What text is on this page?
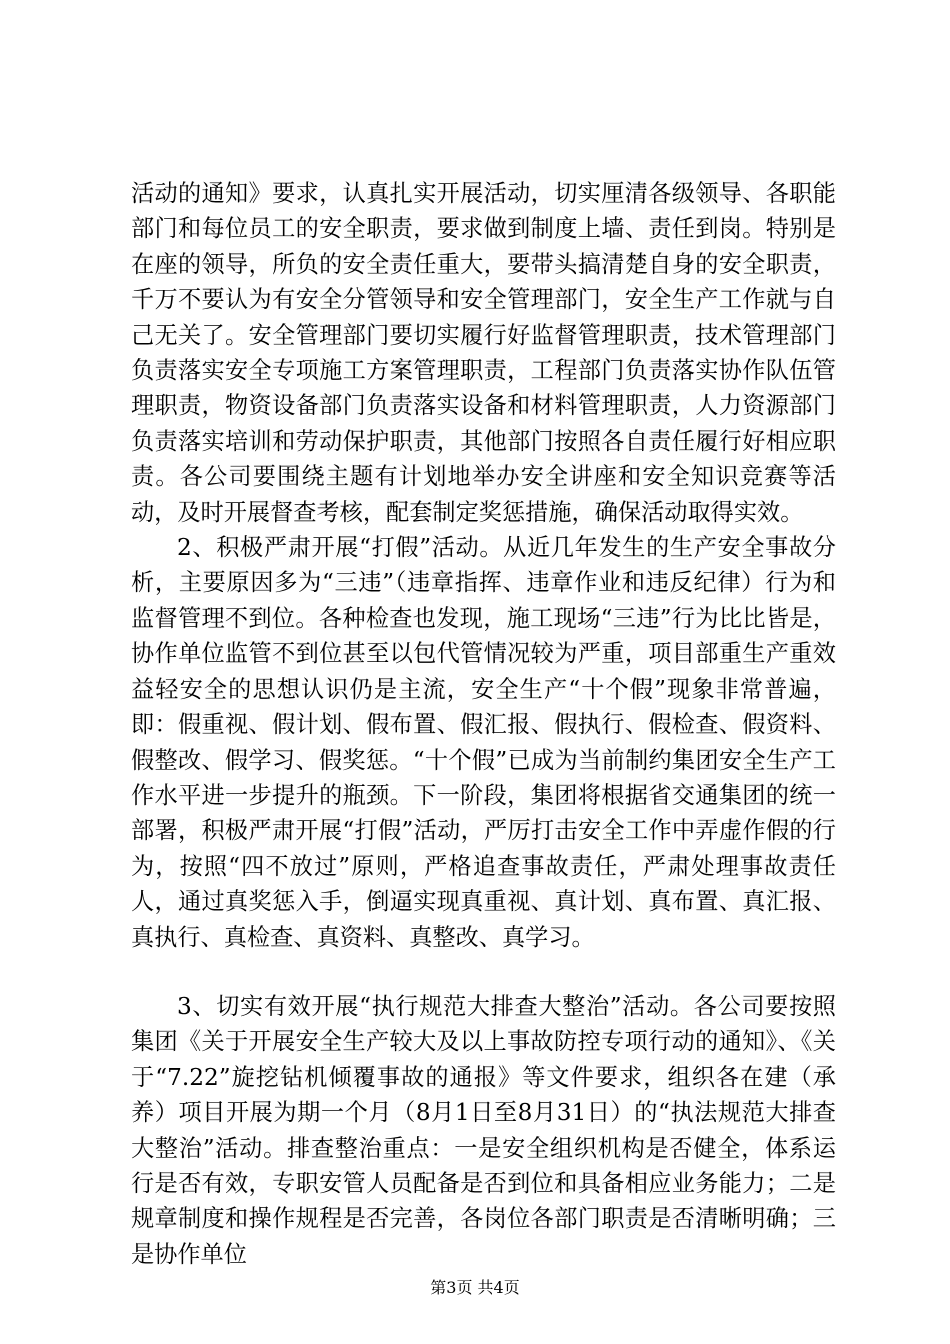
活动的通知》要求，认真扎实开展活动，切实厘清各级领导、各职能部门和每位员工的安全职责，要求做到制度上墙、责任到岗。特别是在座的领导，所负的安全责任重大，要带头搞清楚自身的安全职责，千万不要认为有安全分管领导和安全管理部门，安全生产工作就与自己无关了。安全管理部门要切实履行好监督管理职责，技术管理部门负责落实安全专项施工方案管理职责，工程部门负责落实协作队伍管理职责，物资设备部门负责落实设备和材料管理职责，人力资源部门负责落实培训和劳动保护职责，其他部门按照各自责任履行好相应职责。各公司要围绕主题有计划地举办安全讲座和安全知识竞赛等活动，及时开展督查考核，配套制定奖惩措施，确保活动取得实效。

2、积极严肃开展“打假”活动。从近几年发生的生产安全事故分析，主要原因多为“三违”（违章指挥、违章作业和违反纪律）行为和监督管理不到位。各种检查也发现，施工现场“三违”行为比比皆是，协作单位监管不到位甚至以包代管情况较为严重，项目部重生产重效益轻安全的思想认识仍是主流，安全生产“十个假”现象非常普遍，即：假重视、假计划、假布置、假汇报、假执行、假检查、假资料、假整改、假学习、假奖惩。“十个假”已成为当前制约集团安全生产工作水平进一步提升的瓶颈。下一阶段，集团将根据省交通集团的统一部署，积极严肃开展“打假”活动，严厉打击安全工作中弄虚作假的行为，按照“四不放过”原则，严格追查事故责任，严肃处理事故责任人，通过真奖惩入手，倒逼实现真重视、真计划、真布置、真汇报、真执行、真检查、真资料、真整改、真学习。

3、切实有效开展“执行规范大排查大整治”活动。各公司要按照集团《关于开展安全生产较大及以上事故防控专项行动的通知》、《关于“7.22”旋挖钻机倾覆事故的通报》等文件要求，组织各在建（承养）项目开展为期一个月（8月1日至8月31日）的“执法规范大排查大整治”活动。排查整治重点：一是安全组织机构是否健全，体系运行是否有效，专职安管人员配备是否到位和具备相应业务能力；二是规章制度和操作规程是否完善，各岗位各部门职责是否清晰明确；三是协作单位

第3页 共4页
